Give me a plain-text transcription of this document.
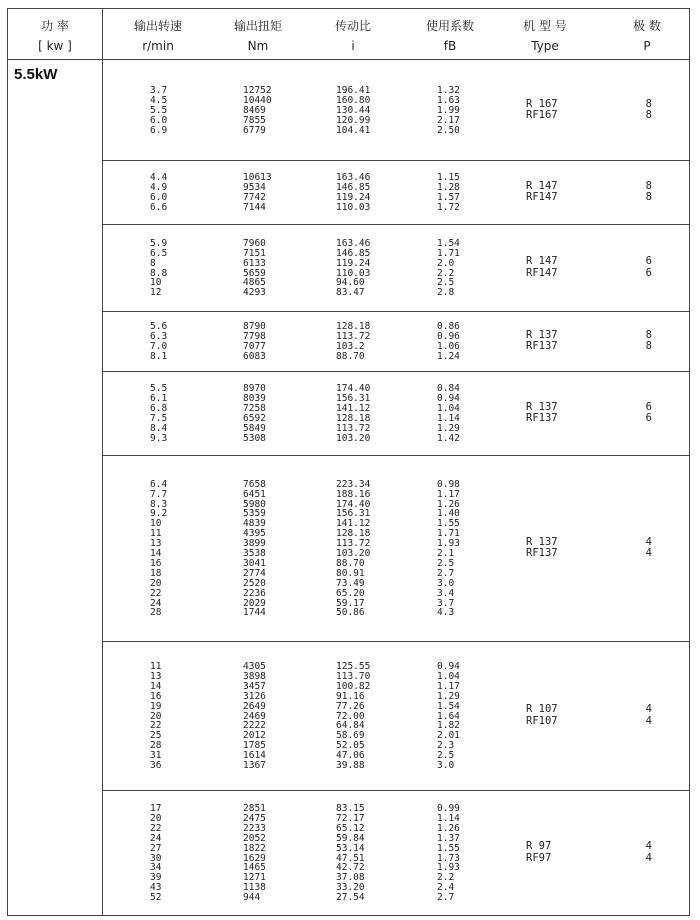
功 率
[ kw ]
输出转速
r/min
输出扭矩
Nm
传动比
i
使用系数
fB
机 型 号
Type
极 数
P
5.5kW
3.7
4.5
5.5
6.0
6.9
12752
10440
8469
7855
6779
196.41
160.80
130.44
120.99
104.41
1.32
1.63
1.99
2.17
2.50
R 167
RF167
8
8
4.4
4.9
6.0
6.6
10613
9534
7742
7144
163.46
146.85
119.24
110.03
1.15
1.28
1.57
1.72
R 147
RF147
8
8
5.9
6.5
8
8.8
10
12
7960
7151
6133
5659
4865
4293
163.46
146.85
119.24
110.03
94.60
83.47
1.54
1.71
2.0
2.2
2.5
2.8
R 147
RF147
6
6
5.6
6.3
7.0
8.1
8790
7798
7077
6083
128.18
113.72
103.2
88.70
0.86
0.96
1.06
1.24
R 137
RF137
8
8
5.5
6.1
6.8
7.5
8.4
9.3
8970
8039
7258
6592
5849
5308
174.40
156.31
141.12
128.18
113.72
103.20
0.84
0.94
1.04
1.14
1.29
1.42
R 137
RF137
6
6
6.4
7.7
8.3
9.2
10
11
13
14
16
18
20
22
24
28
7658
6451
5980
5359
4839
4395
3899
3538
3041
2774
2520
2236
2029
1744
223.34
188.16
174.40
156.31
141.12
128.18
113.72
103.20
88.70
80.91
73.49
65.20
59.17
50.86
0.98
1.17
1.26
1.40
1.55
1.71
1.93
2.1
2.5
2.7
3.0
3.4
3.7
4.3
R 137
RF137
4
4
11
13
14
16
19
20
22
25
28
31
36
4305
3898
3457
3126
2649
2469
2222
2012
1785
1614
1367
125.55
113.70
100.82
91.16
77.26
72.00
64.84
58.69
52.05
47.06
39.88
0.94
1.04
1.17
1.29
1.54
1.64
1.82
2.01
2.3
2.5
3.0
R 107
RF107
4
4
17
20
22
24
27
30
34
39
43
52
2851
2475
2233
2052
1822
1629
1465
1271
1138
944
83.15
72.17
65.12
59.84
53.14
47.51
42.72
37.08
33.20
27.54
0.99
1.14
1.26
1.37
1.55
1.73
1.93
2.2
2.4
2.7
R 97
RF97
4
4
